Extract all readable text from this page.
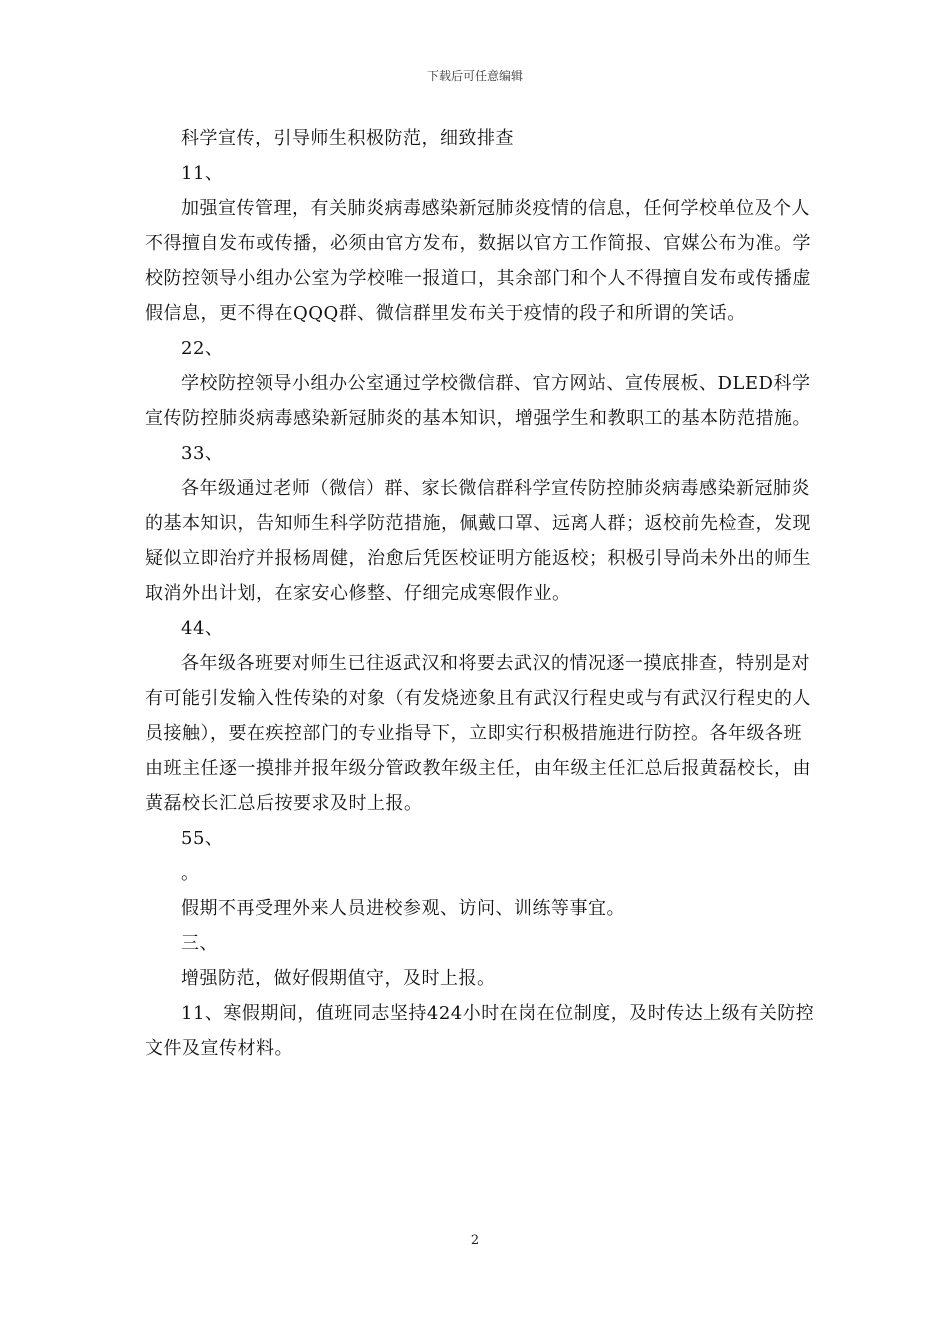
下载后可任意编辑

科学宣传，引导师生积极防范，细致排查

11、

加强宣传管理，有关肺炎病毒感染新冠肺炎疫情的信息，任何学校单位及个人不得擅自发布或传播，必须由官方发布，数据以官方工作简报、官媒公布为准。学校防控领导小组办公室为学校唯一报道口，其余部门和个人不得擅自发布或传播虚假信息，更不得在QQQ群、微信群里发布关于疫情的段子和所谓的笑话。

22、

学校防控领导小组办公室通过学校微信群、官方网站、宣传展板、DLED科学宣传防控肺炎病毒感染新冠肺炎的基本知识，增强学生和教职工的基本防范措施。

33、

各年级通过老师（微信）群、家长微信群科学宣传防控肺炎病毒感染新冠肺炎的基本知识，告知师生科学防范措施，佩戴口罩、远离人群；返校前先检查，发现疑似立即治疗并报杨周健，治愈后凭医校证明方能返校；积极引导尚未外出的师生取消外出计划，在家安心修整、仔细完成寒假作业。

44、

各年级各班要对师生已往返武汉和将要去武汉的情况逐一摸底排查，特别是对有可能引发输入性传染的对象（有发烧迹象且有武汉行程史或与有武汉行程史的人员接触），要在疾控部门的专业指导下，立即实行积极措施进行防控。各年级各班由班主任逐一摸排并报年级分管政教年级主任，由年级主任汇总后报黄磊校长，由黄磊校长汇总后按要求及时上报。

55、

。

假期不再受理外来人员进校参观、访问、训练等事宜。

三、

增强防范，做好假期值守，及时上报。

11、寒假期间，值班同志坚持424小时在岗在位制度，及时传达上级有关防控文件及宣传材料。

2
